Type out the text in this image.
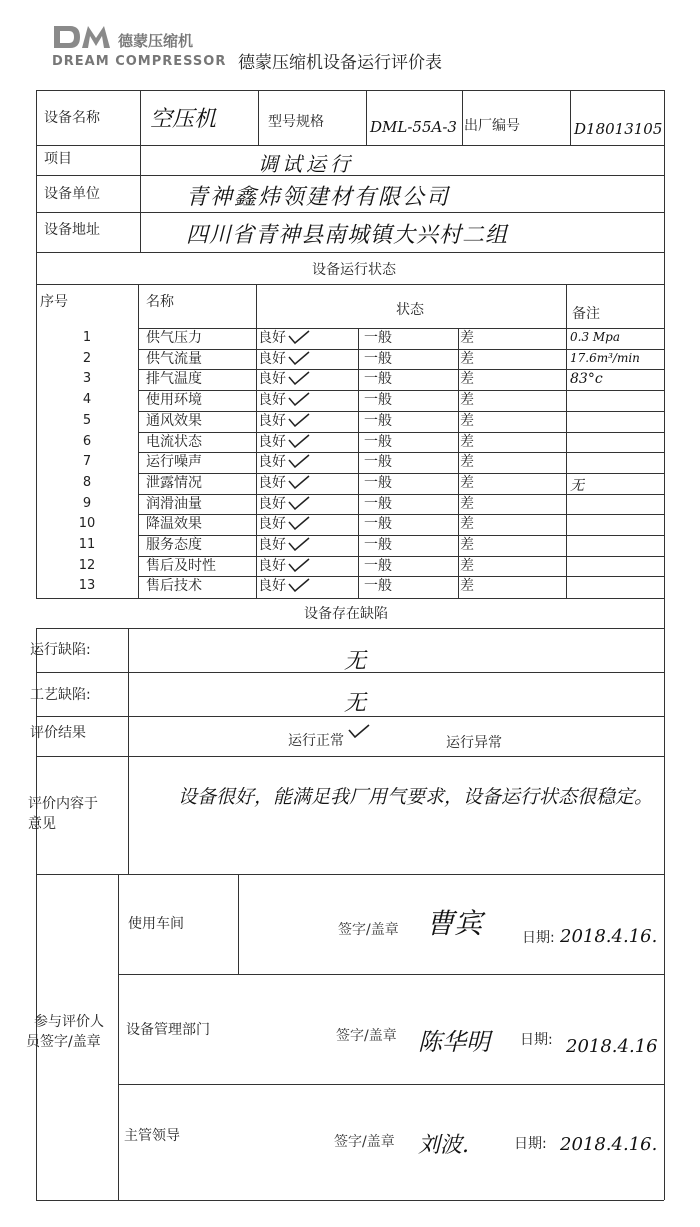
德蒙压缩机
DREAM COMPRESSOR 德蒙压缩机设备运行评价表
设备名称 空压机	型号规格	DML-55A-3 出厂编号	D18013105
项目	调试运行
设备单位	青神鑫炜领建材有限公司
设备地址	四川省青神县南城镇大兴村二组
设备运行状态
序号	名称	状态	备注
1	供气压力	良好	一般	差	0.3 Mpa
2	供气流量	良好	一般	差	17.6m³/min
3	排气温度	良好	一般	差	83°c
4	使用环境	良好	一般	差
5	通风效果	良好	一般	差
6	电流状态	良好	一般	差
7	运行噪声	良好	一般	差
8	泄露情况	良好	一般	差	无
9	润滑油量	良好	一般	差
10	降温效果	良好	一般	差
11	服务态度	良好	一般	差
12	售后及时性	良好	一般	差
13	售后技术	良好	一般	差
设备存在缺陷
运行缺陷:	无
工艺缺陷:	无
评价结果	运行正常	运行异常
评价内容于
意见
设备很好，能满足我厂用气要求，设备运行状态很稳定。
参与评价人
员签字/盖章
使用车间	签字/盖章 曹宾	日期: 2018.4.16.
设备管理部门	签字/盖章 陈华明 日期: 2018.4.16
主管领导	签字/盖章 刘波.	日期: 2018.4.16.
